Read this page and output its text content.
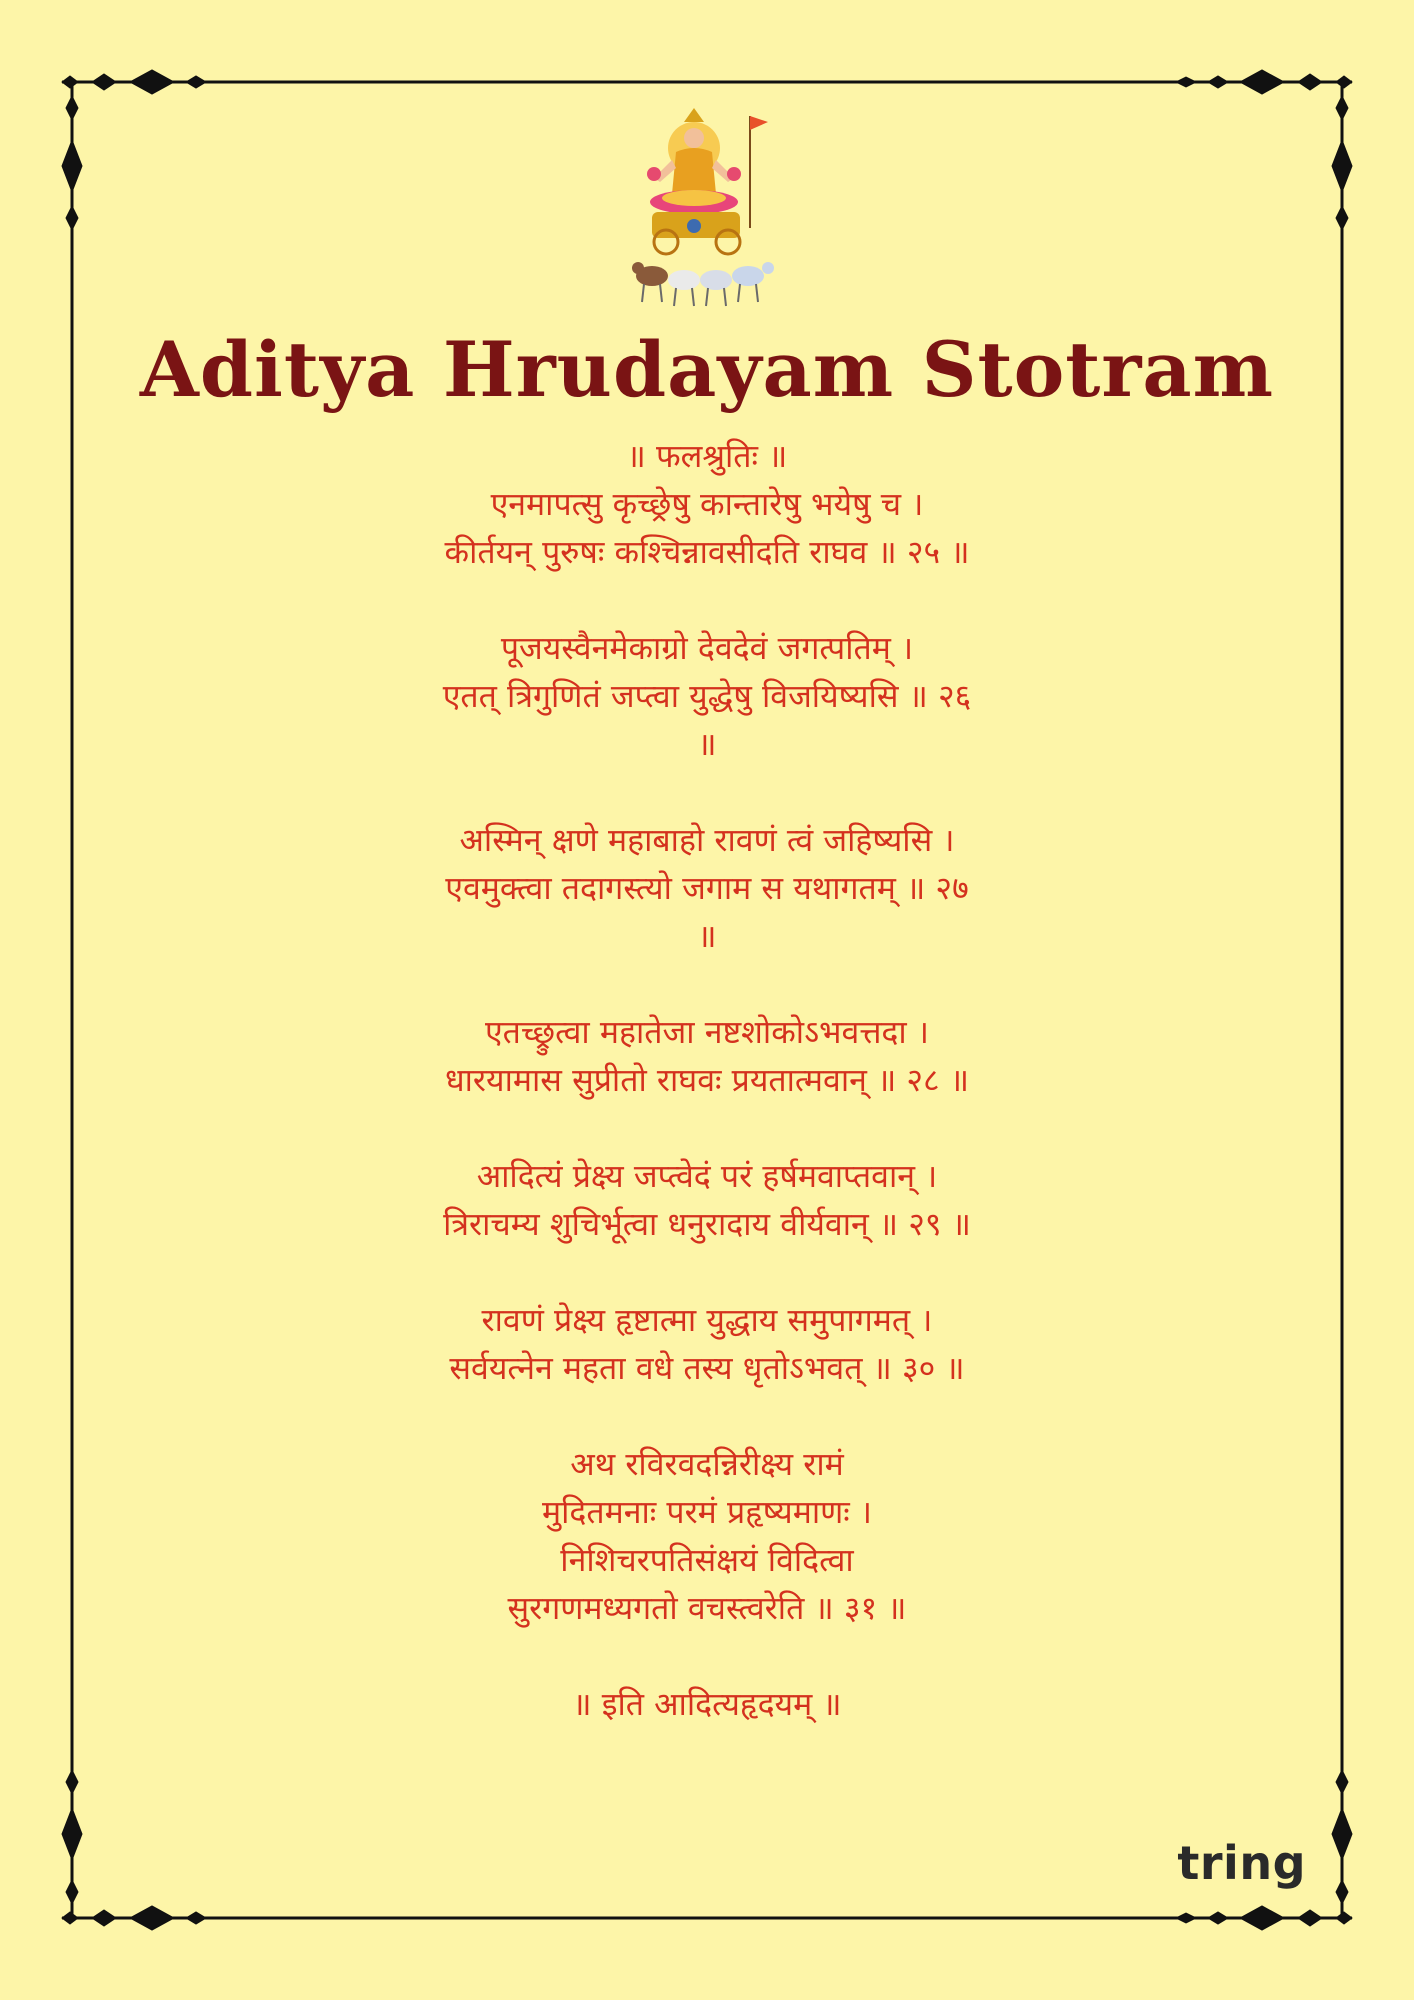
Aditya Hrudayam Stotram
॥ फलश्रुतिः ॥
एनमापत्सु कृच्छ्रेषु कान्तारेषु भयेषु च ।
कीर्तयन् पुरुषः कश्चिन्नावसीदति राघव ॥ २५ ॥
पूजयस्वैनमेकाग्रो देवदेवं जगत्पतिम् ।
एतत् त्रिगुणितं जप्त्वा युद्धेषु विजयिष्यसि ॥ २६
॥
अस्मिन् क्षणे महाबाहो रावणं त्वं जहिष्यसि ।
एवमुक्त्वा तदागस्त्यो जगाम स यथागतम् ॥ २७
॥
एतच्छ्रुत्वा महातेजा नष्टशोकोऽभवत्तदा ।
धारयामास सुप्रीतो राघवः प्रयतात्मवान् ॥ २८ ॥
आदित्यं प्रेक्ष्य जप्त्वेदं परं हर्षमवाप्तवान् ।
त्रिराचम्य शुचिर्भूत्वा धनुरादाय वीर्यवान् ॥ २९ ॥
रावणं प्रेक्ष्य हृष्टात्मा युद्धाय समुपागमत् ।
सर्वयत्नेन महता वधे तस्य धृतोऽभवत् ॥ ३० ॥
अथ रविरवदन्निरीक्ष्य रामं
मुदितमनाः परमं प्रहृष्यमाणः ।
निशिचरपतिसंक्षयं विदित्वा
सुरगणमध्यगतो वचस्त्वरेति ॥ ३१ ॥
॥ इति आदित्यहृदयम् ॥
tring
